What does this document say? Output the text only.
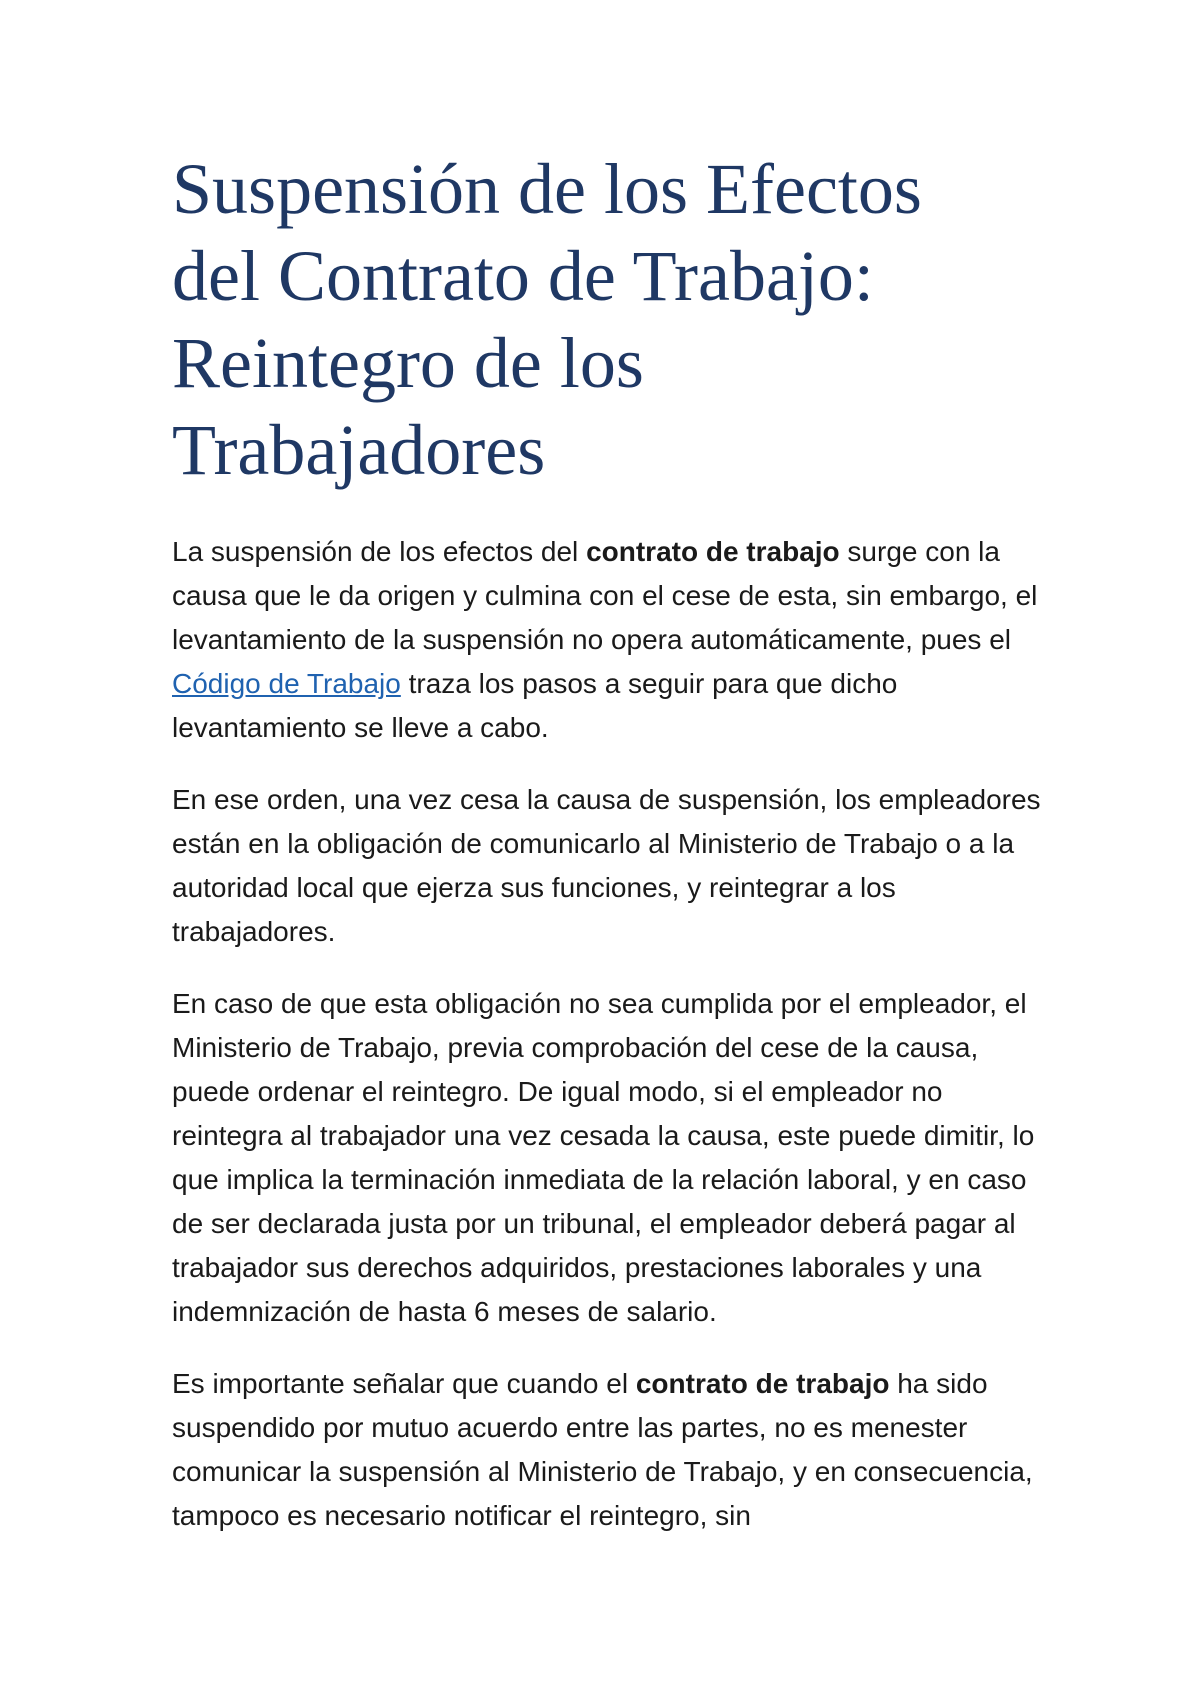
Suspensión de los Efectos del Contrato de Trabajo: Reintegro de los Trabajadores

La suspensión de los efectos del contrato de trabajo surge con la causa que le da origen y culmina con el cese de esta, sin embargo, el levantamiento de la suspensión no opera automáticamente, pues el Código de Trabajo traza los pasos a seguir para que dicho levantamiento se lleve a cabo.

En ese orden, una vez cesa la causa de suspensión, los empleadores están en la obligación de comunicarlo al Ministerio de Trabajo o a la autoridad local que ejerza sus funciones, y reintegrar a los trabajadores.

En caso de que esta obligación no sea cumplida por el empleador, el Ministerio de Trabajo, previa comprobación del cese de la causa, puede ordenar el reintegro. De igual modo, si el empleador no reintegra al trabajador una vez cesada la causa, este puede dimitir, lo que implica la terminación inmediata de la relación laboral, y en caso de ser declarada justa por un tribunal, el empleador deberá pagar al trabajador sus derechos adquiridos, prestaciones laborales y una indemnización de hasta 6 meses de salario.

Es importante señalar que cuando el contrato de trabajo ha sido suspendido por mutuo acuerdo entre las partes, no es menester comunicar la suspensión al Ministerio de Trabajo, y en consecuencia, tampoco es necesario notificar el reintegro, sin
